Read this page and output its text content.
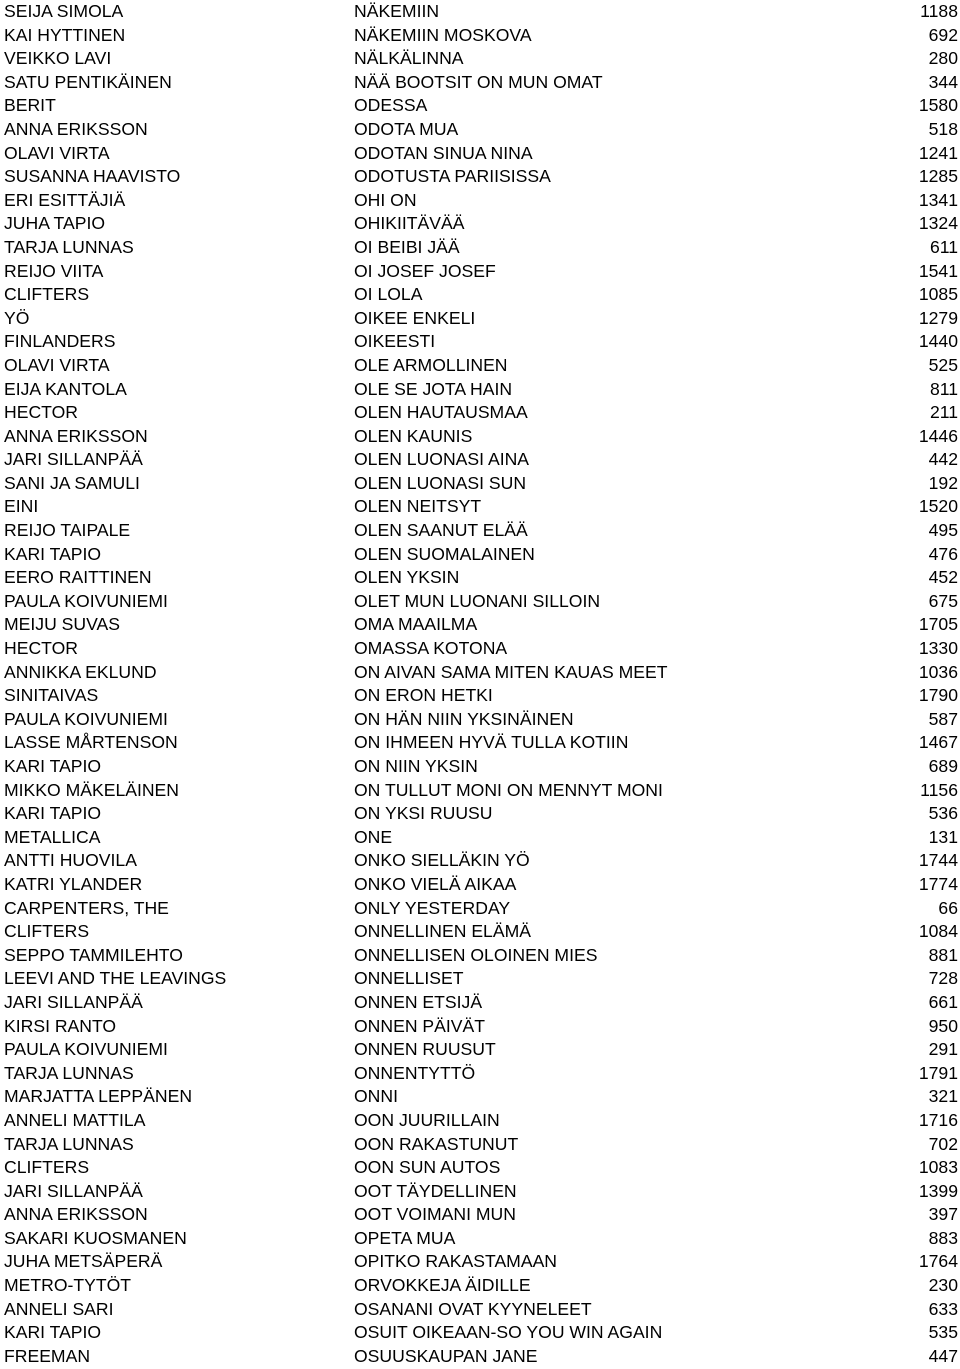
SEIJA SIMOLA	NÄKEMIIN	1188
KAI HYTTINEN	NÄKEMIIN MOSKOVA	692
VEIKKO LAVI	NÄLKÄLINNA	280
SATU PENTIKÄINEN	NÄÄ BOOTSIT ON MUN OMAT	344
BERIT	ODESSA	1580
ANNA ERIKSSON	ODOTA MUA	518
OLAVI VIRTA	ODOTAN SINUA NINA	1241
SUSANNA HAAVISTO	ODOTUSTA PARIISISSA	1285
ERI ESITTÄJIÄ	OHI ON	1341
JUHA TAPIO	OHIKIITÄVÄÄ	1324
TARJA LUNNAS	OI BEIBI JÄÄ	611
REIJO VIITA	OI JOSEF JOSEF	1541
CLIFTERS	OI LOLA	1085
YÖ	OIKEE ENKELI	1279
FINLANDERS	OIKEESTI	1440
OLAVI VIRTA	OLE ARMOLLINEN	525
EIJA KANTOLA	OLE SE JOTA HAIN	811
HECTOR	OLEN HAUTAUSMAA	211
ANNA ERIKSSON	OLEN KAUNIS	1446
JARI SILLANPÄÄ	OLEN LUONASI AINA	442
SANI JA SAMULI	OLEN LUONASI SUN	192
EINI	OLEN NEITSYT	1520
REIJO TAIPALE	OLEN SAANUT ELÄÄ	495
KARI TAPIO	OLEN SUOMALAINEN	476
EERO RAITTINEN	OLEN YKSIN	452
PAULA KOIVUNIEMI	OLET MUN LUONANI SILLOIN	675
MEIJU SUVAS	OMA MAAILMA	1705
HECTOR	OMASSA KOTONA	1330
ANNIKKA EKLUND	ON AIVAN SAMA MITEN KAUAS MEET	1036
SINITAIVAS	ON ERON HETKI	1790
PAULA KOIVUNIEMI	ON HÄN NIIN YKSINÄINEN	587
LASSE MÅRTENSON	ON IHMEEN HYVÄ TULLA KOTIIN	1467
KARI TAPIO	ON NIIN YKSIN	689
MIKKO MÄKELÄINEN	ON TULLUT MONI ON MENNYT MONI	1156
KARI TAPIO	ON YKSI RUUSU	536
METALLICA	ONE	131
ANTTI HUOVILA	ONKO SIELLÄKIN YÖ	1744
KATRI YLANDER	ONKO VIELÄ AIKAA	1774
CARPENTERS, THE	ONLY YESTERDAY	66
CLIFTERS	ONNELLINEN ELÄMÄ	1084
SEPPO TAMMILEHTO	ONNELLISEN OLOINEN MIES	881
LEEVI AND THE LEAVINGS	ONNELLISET	728
JARI SILLANPÄÄ	ONNEN ETSIJÄ	661
KIRSI RANTO	ONNEN PÄIVÄT	950
PAULA KOIVUNIEMI	ONNEN RUUSUT	291
TARJA LUNNAS	ONNENTYTTÖ	1791
MARJATTA LEPPÄNEN	ONNI	321
ANNELI MATTILA	OON JUURILLAIN	1716
TARJA LUNNAS	OON RAKASTUNUT	702
CLIFTERS	OON SUN AUTOS	1083
JARI SILLANPÄÄ	OOT TÄYDELLINEN	1399
ANNA ERIKSSON	OOT VOIMANI MUN	397
SAKARI KUOSMANEN	OPETA MUA	883
JUHA METSÄPERÄ	OPITKO RAKASTAMAAN	1764
METRO-TYTÖT	ORVOKKEJA ÄIDILLE	230
ANNELI SARI	OSANANI OVAT KYYNELEET	633
KARI TAPIO	OSUIT OIKEAAN-SO YOU WIN AGAIN	535
FREEMAN	OSUUSKAUPAN JANE	447
